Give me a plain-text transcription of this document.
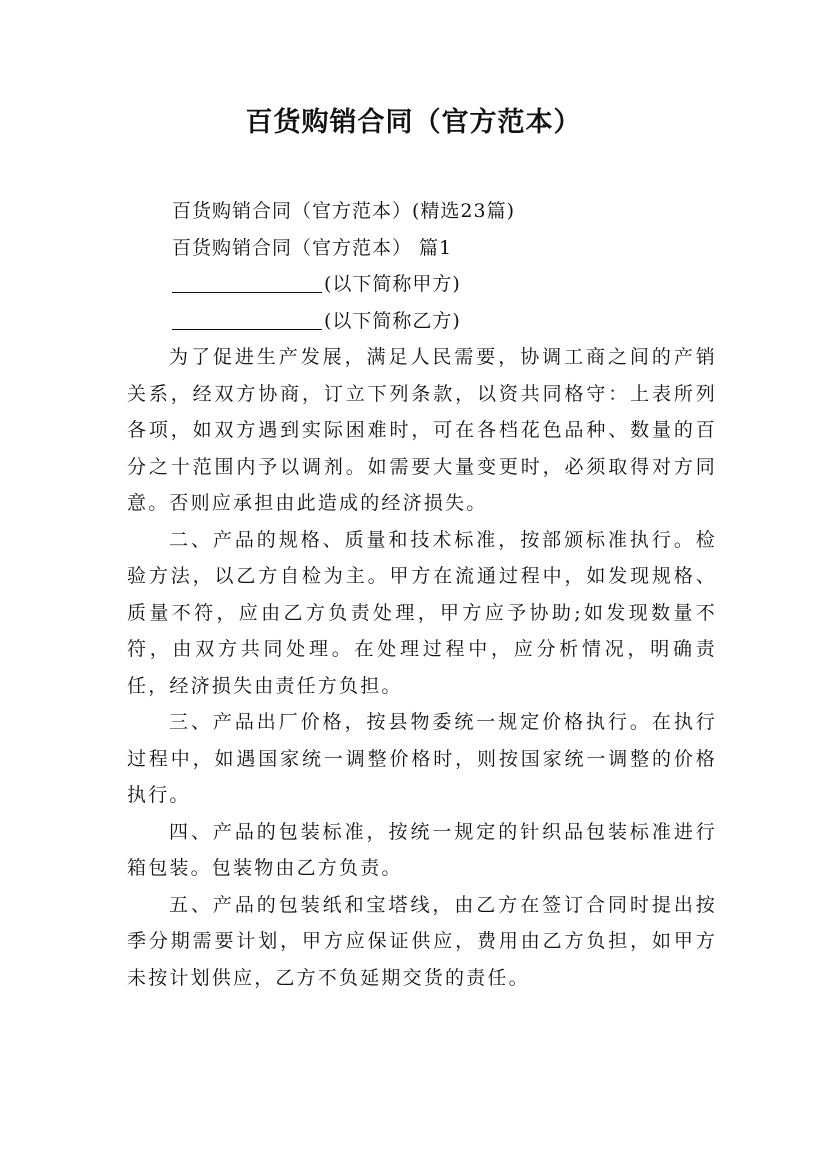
百货购销合同（官方范本）
百货购销合同（官方范本）(精选23篇)
百货购销合同（官方范本） 篇1
(以下简称甲方)
(以下简称乙方)

为了促进生产发展，满足人民需要，协调工商之间的产销关系，经双方协商，订立下列条款，以资共同格守：上表所列各项，如双方遇到实际困难时，可在各档花色品种、数量的百分之十范围内予以调剂。如需要大量变更时，必须取得对方同意。否则应承担由此造成的经济损失。

二、产品的规格、质量和技术标准，按部颁标准执行。检验方法，以乙方自检为主。甲方在流通过程中，如发现规格、质量不符，应由乙方负责处理，甲方应予协助;如发现数量不符，由双方共同处理。在处理过程中，应分析情况，明确责任，经济损失由责任方负担。

三、产品出厂价格，按县物委统一规定价格执行。在执行过程中，如遇国家统一调整价格时，则按国家统一调整的价格执行。

四、产品的包装标准，按统一规定的针织品包装标准进行箱包装。包装物由乙方负责。

五、产品的包装纸和宝塔线，由乙方在签订合同时提出按季分期需要计划，甲方应保证供应，费用由乙方负担，如甲方未按计划供应，乙方不负延期交货的责任。
